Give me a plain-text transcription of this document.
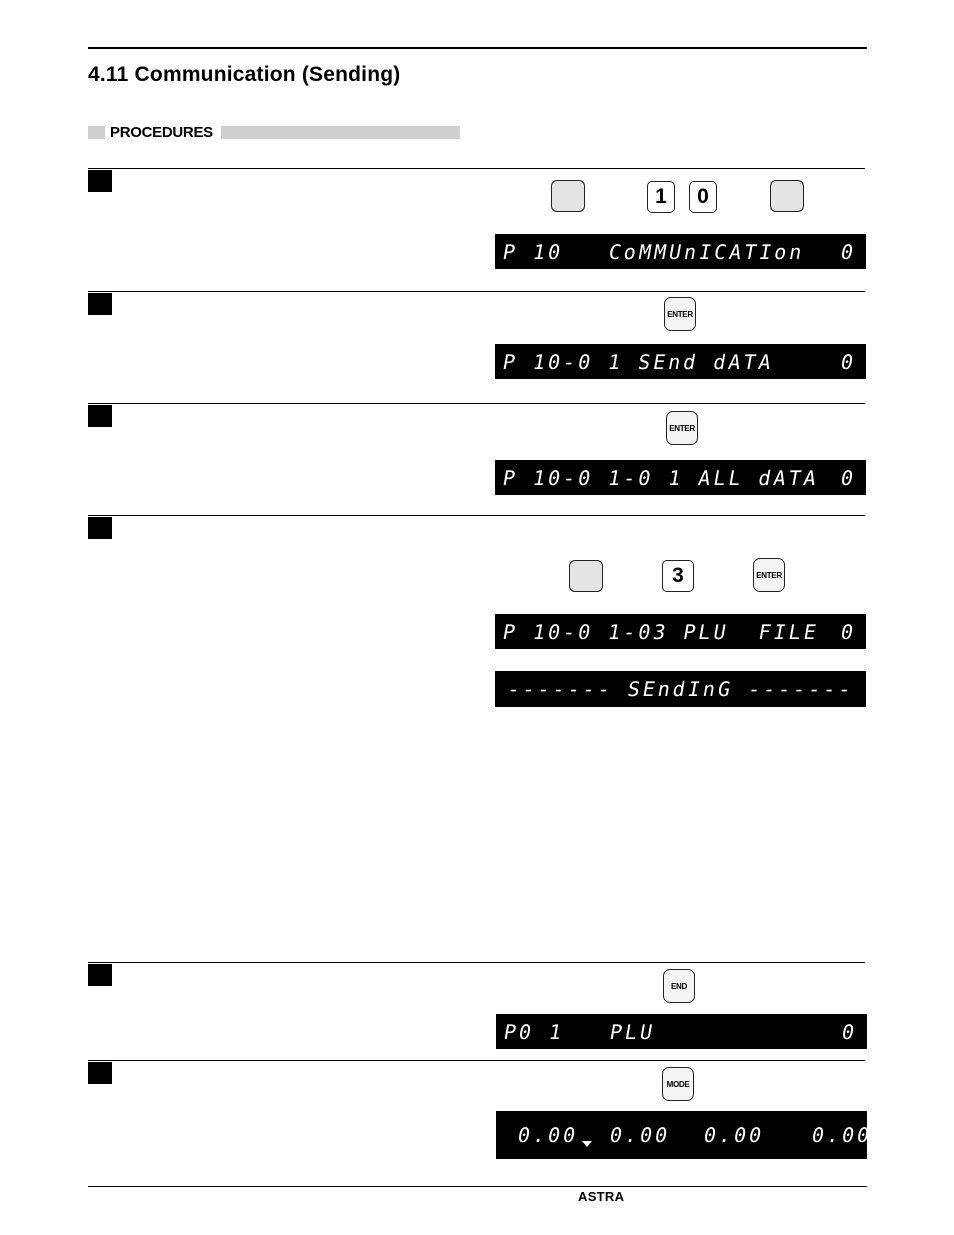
4.11 Communication (Sending)
PROCEDURES
1	0
P 10 CoMMUnICATIon 0
ENTER
P 10-0 1 SEnd dATA	0
ENTER
P 10-0 1-0 1 ALL dATA 0
3	ENTER
P 10-0 1-03 PLU  FILE 0
------- SEndInG -------
END
P0 1 PLU	0
MODE
0.00 0.00 0.00 0.00
ASTRA
